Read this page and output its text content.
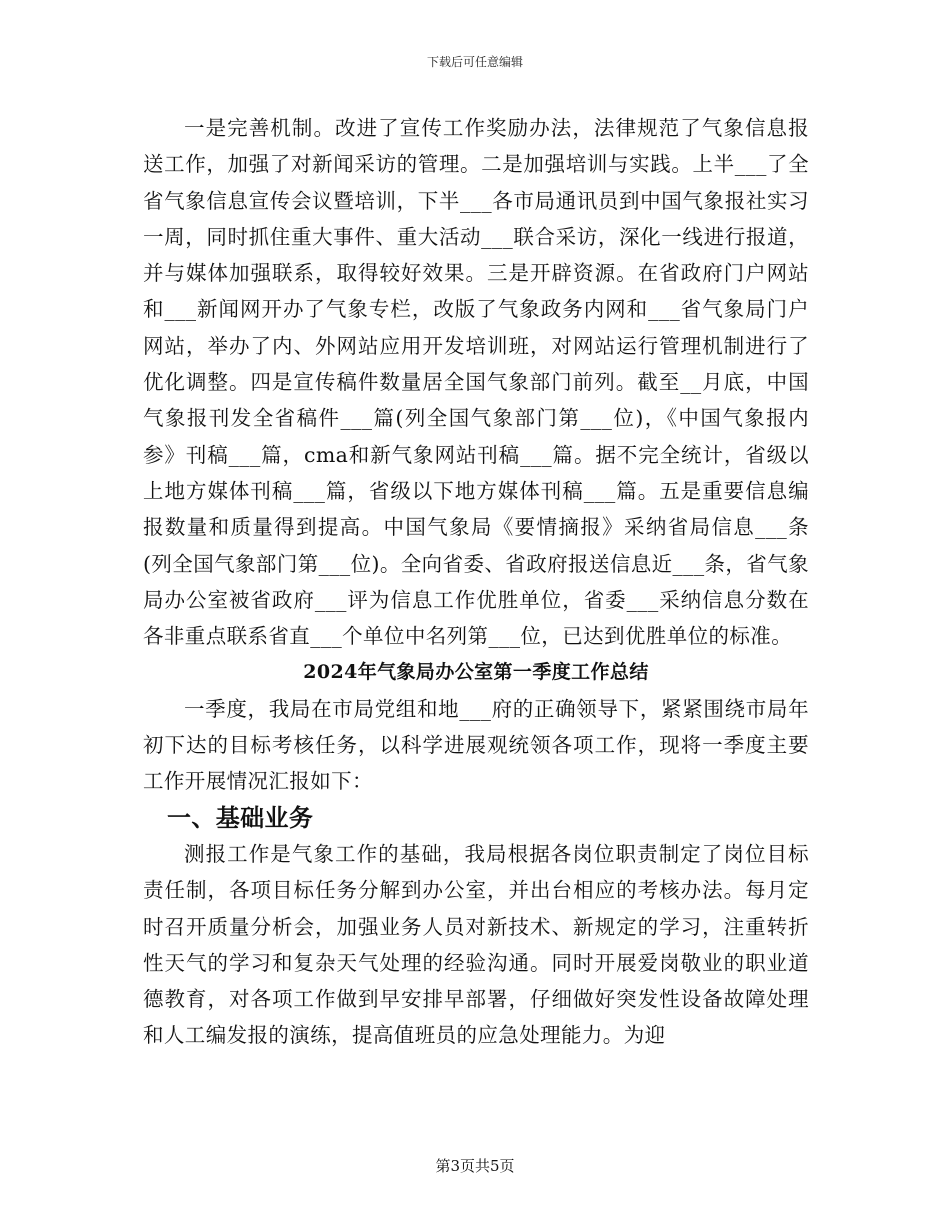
下载后可任意编辑

一是完善机制。改进了宣传工作奖励办法，法律规范了气象信息报送工作，加强了对新闻采访的管理。二是加强培训与实践。上半___了全省气象信息宣传会议暨培训，下半___各市局通讯员到中国气象报社实习一周，同时抓住重大事件、重大活动___联合采访，深化一线进行报道，并与媒体加强联系，取得较好效果。三是开辟资源。在省政府门户网站和___新闻网开办了气象专栏，改版了气象政务内网和___省气象局门户网站，举办了内、外网站应用开发培训班，对网站运行管理机制进行了优化调整。四是宣传稿件数量居全国气象部门前列。截至__月底，中国气象报刊发全省稿件___篇(列全国气象部门第___位)，《中国气象报内参》刊稿___篇，cma和新气象网站刊稿___篇。据不完全统计，省级以上地方媒体刊稿___篇，省级以下地方媒体刊稿___篇。五是重要信息编报数量和质量得到提高。中国气象局《要情摘报》采纳省局信息___条(列全国气象部门第___位)。全向省委、省政府报送信息近___条，省气象局办公室被省政府___评为信息工作优胜单位，省委___采纳信息分数在各非重点联系省直___个单位中名列第___位，已达到优胜单位的标准。

2024年气象局办公室第一季度工作总结

一季度，我局在市局党组和地___府的正确领导下，紧紧围绕市局年初下达的目标考核任务，以科学进展观统领各项工作，现将一季度主要工作开展情况汇报如下：

一、基础业务

测报工作是气象工作的基础，我局根据各岗位职责制定了岗位目标责任制，各项目标任务分解到办公室，并出台相应的考核办法。每月定时召开质量分析会，加强业务人员对新技术、新规定的学习，注重转折性天气的学习和复杂天气处理的经验沟通。同时开展爱岗敬业的职业道德教育，对各项工作做到早安排早部署，仔细做好突发性设备故障处理和人工编发报的演练，提高值班员的应急处理能力。为迎

第3页共5页
